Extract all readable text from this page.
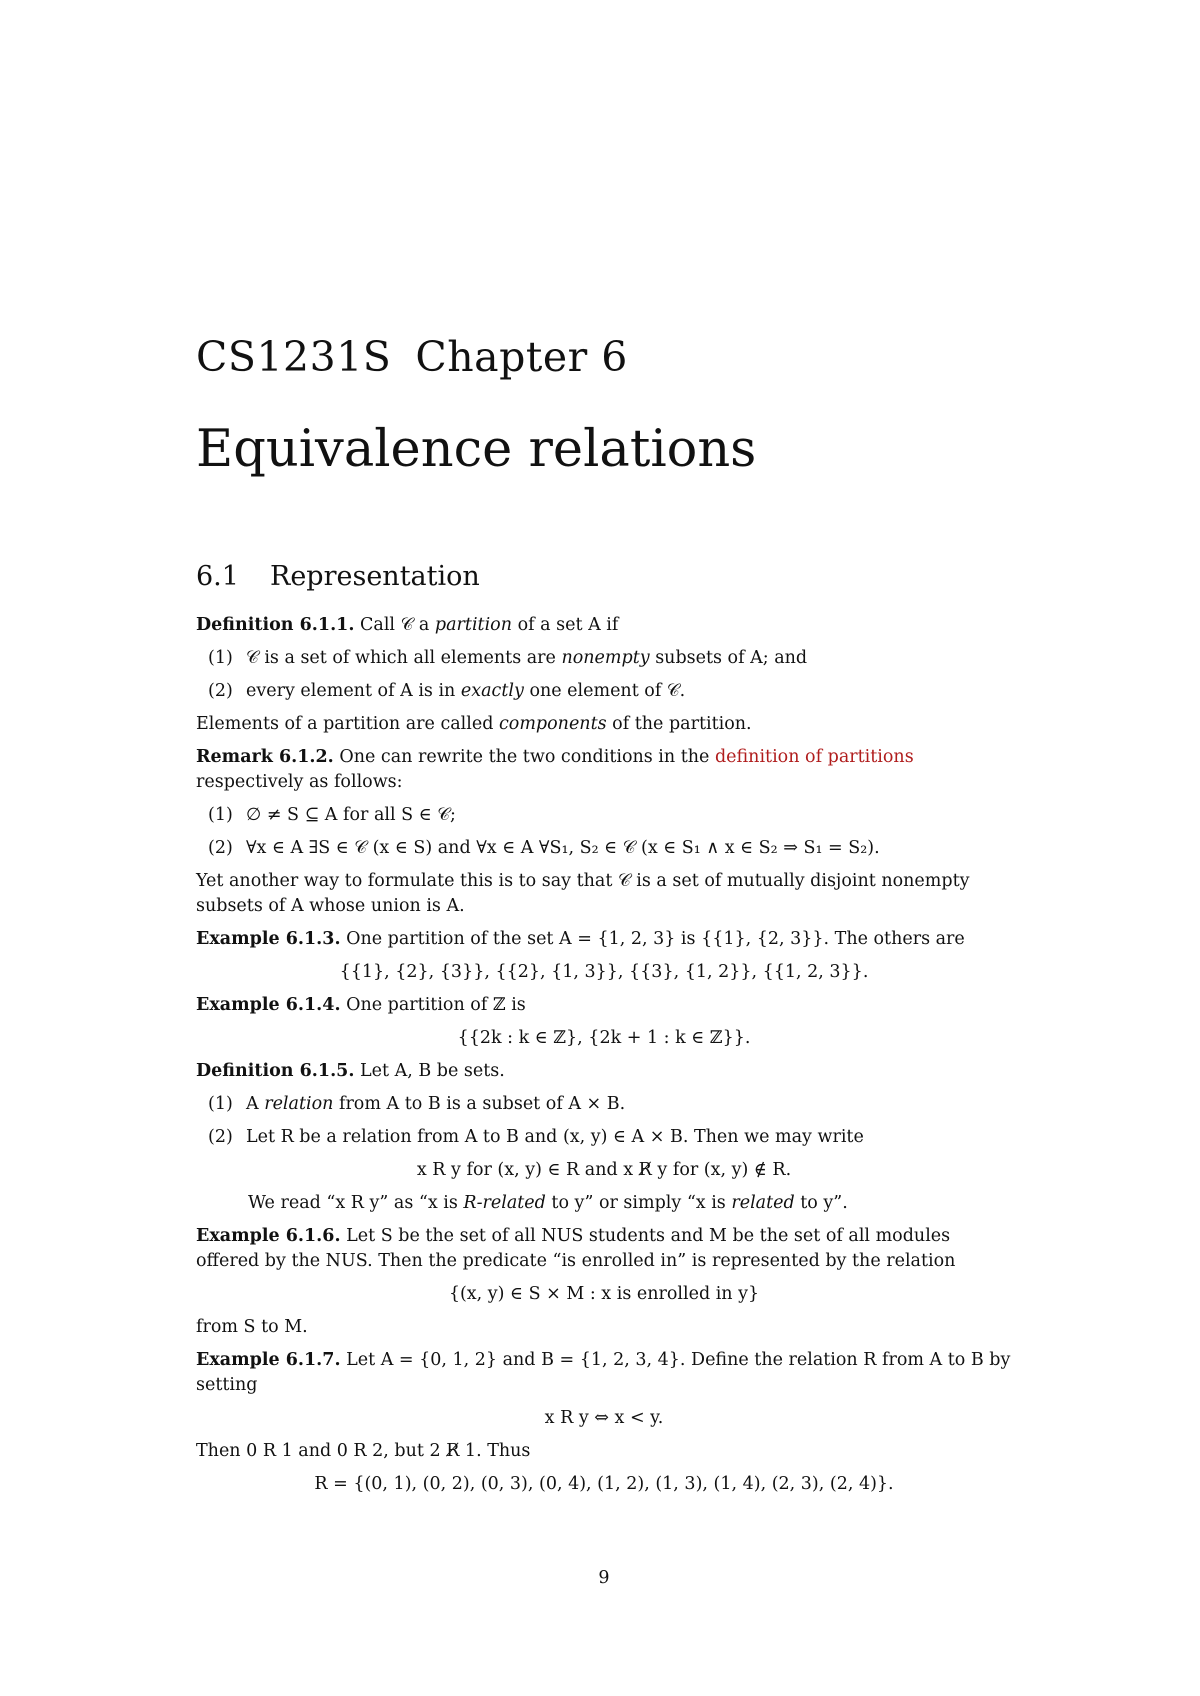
CS1231S Chapter 6
Equivalence relations
6.1 Representation

Definition 6.1.1. Call 𝒞 a partition of a set A if

(1) 𝒞 is a set of which all elements are nonempty subsets of A; and
(2) every element of A is in exactly one element of 𝒞.

Elements of a partition are called components of the partition.

Remark 6.1.2. One can rewrite the two conditions in the definition of partitions respectively as follows:

(1) ∅ ≠ S ⊆ A for all S ∈ 𝒞;
(2) ∀x ∈ A ∃S ∈ 𝒞 (x ∈ S) and ∀x ∈ A ∀S₁, S₂ ∈ 𝒞 (x ∈ S₁ ∧ x ∈ S₂ ⇒ S₁ = S₂).

Yet another way to formulate this is to say that 𝒞 is a set of mutually disjoint nonempty subsets of A whose union is A.

Example 6.1.3. One partition of the set A = {1, 2, 3} is {{1}, {2, 3}}. The others are

{{1}, {2}, {3}}, {{2}, {1, 3}}, {{3}, {1, 2}}, {{1, 2, 3}}.

Example 6.1.4. One partition of ℤ is

{{2k : k ∈ ℤ}, {2k + 1 : k ∈ ℤ}}.

Definition 6.1.5. Let A, B be sets.

(1) A relation from A to B is a subset of A × B.
(2) Let R be a relation from A to B and (x, y) ∈ A × B. Then we may write
x R y for (x, y) ∈ R and x R̸ y for (x, y) ∉ R.

We read “x R y” as “x is R-related to y” or simply “x is related to y”.

Example 6.1.6. Let S be the set of all NUS students and M be the set of all modules offered by the NUS. Then the predicate “is enrolled in” is represented by the relation

{(x, y) ∈ S × M : x is enrolled in y}

from S to M.

Example 6.1.7. Let A = {0, 1, 2} and B = {1, 2, 3, 4}. Define the relation R from A to B by setting

x R y ⇔ x < y.

Then 0 R 1 and 0 R 2, but 2 R̸ 1. Thus

R = {(0, 1), (0, 2), (0, 3), (0, 4), (1, 2), (1, 3), (1, 4), (2, 3), (2, 4)}.
9
